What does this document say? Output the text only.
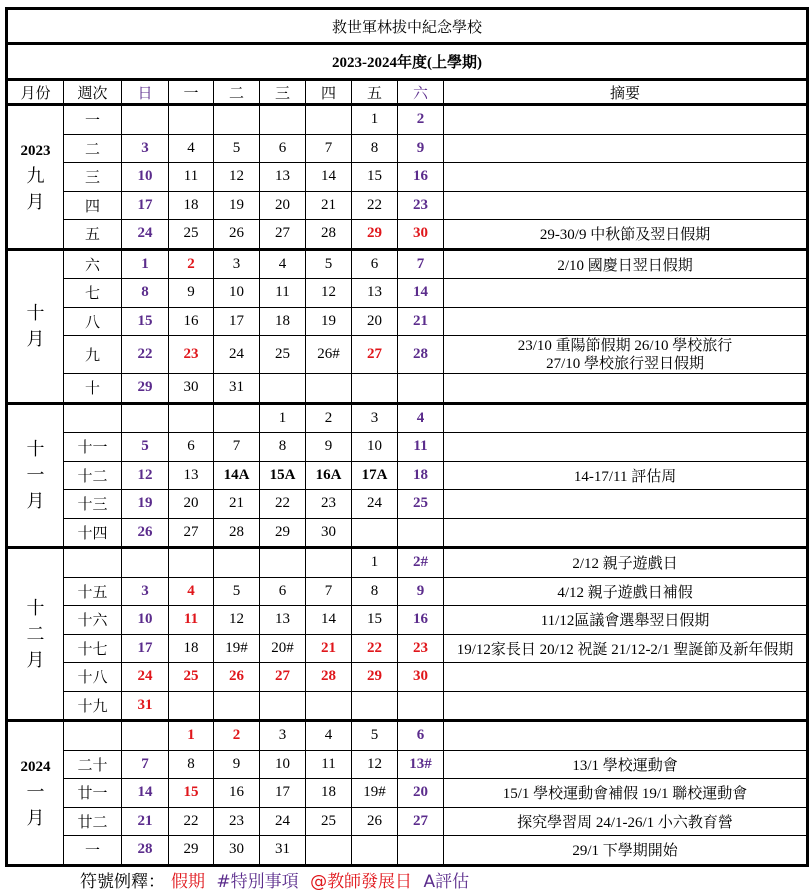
救世軍林拔中紀念學校									
2023-2024年度(上學期)									
月份	週次	日	一	二	三	四	五	六	摘要

2023
九
月	一						1	2	
	二	3	4	5	6	7	8	9	
	三	10	11	12	13	14	15	16	
	四	17	18	19	20	21	22	23	
	五	24	25	26	27	28	29	30	29-30/9 中秋節及翌日假期

十
月	六	1	2	3	4	5	6	7	2/10 國慶日翌日假期
	七	8	9	10	11	12	13	14	
	八	15	16	17	18	19	20	21	
	九	22	23	24	25	26#	27	28	23/10 重陽節假期 26/10 學校旅行
27/10 學校旅行翌日假期

	十	29	30	31					

十
一
月					1	2	3	4	
	十一	5	6	7	8	9	10	11	
	十二	12	13	14A	15A	16A	17A	18	14-17/11 評估周
	十三	19	20	21	22	23	24	25	
	十四	26	27	28	29	30			

十
二
月							1	2#	2/12 親子遊戲日
	十五	3	4	5	6	7	8	9	4/12 親子遊戲日補假
	十六	10	11	12	13	14	15	16	11/12區議會選舉翌日假期
	十七	17	18	19#	20#	21	22	23	19/12家長日 20/12 祝誕 21/12-2/1 聖誕節及新年假期
	十八	24	25	26	27	28	29	30	
	十九	31							

2024
一
月			1	2	3	4	5	6	
	二十	7	8	9	10	11	12	13#	13/1 學校運動會
	廿一	14	15	16	17	18	19#	20	15/1 學校運動會補假 19/1 聯校運動會
	廿二	21	22	23	24	25	26	27	探究學習周 24/1-26/1 小六教育營
	一	28	29	30	31				29/1 下學期開始
符號例釋： 假期 #特別事項 @教師發展日 A評估
